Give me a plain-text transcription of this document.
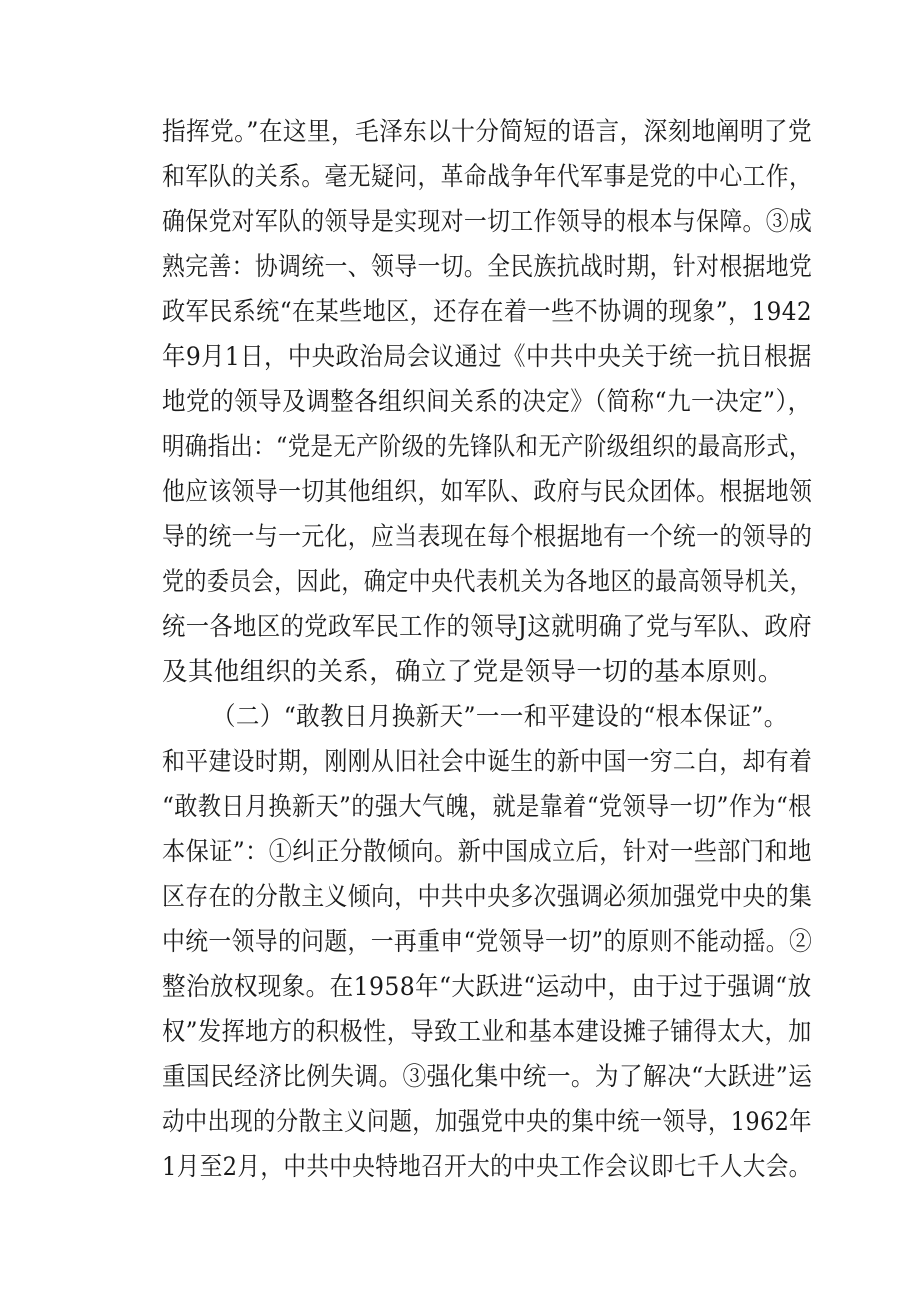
指挥党。”在这里，毛泽东以十分简短的语言，深刻地阐明了党
和军队的关系。毫无疑问，革命战争年代军事是党的中心工作，
确保党对军队的领导是实现对一切工作领导的根本与保障。③成
熟完善：协调统一、领导一切。全民族抗战时期，针对根据地党
政军民系统“在某些地区，还存在着一些不协调的现象”，1942
年9月1日，中央政治局会议通过《中共中央关于统一抗日根据
地党的领导及调整各组织间关系的决定》（简称“九一决定”），
明确指出：“党是无产阶级的先锋队和无产阶级组织的最高形式，
他应该领导一切其他组织，如军队、政府与民众团体。根据地领
导的统一与一元化，应当表现在每个根据地有一个统一的领导的
党的委员会，因此，确定中央代表机关为各地区的最高领导机关，
统一各地区的党政军民工作的领导J这就明确了党与军队、政府
及其他组织的关系，确立了党是领导一切的基本原则。
（二）“敢教日月换新天”一一和平建设的“根本保证”。
和平建设时期，刚刚从旧社会中诞生的新中国一穷二白，却有着
“敢教日月换新天”的强大气魄，就是靠着“党领导一切”作为“根
本保证”：①纠正分散倾向。新中国成立后，针对一些部门和地
区存在的分散主义倾向，中共中央多次强调必须加强党中央的集
中统一领导的问题，一再重申“党领导一切”的原则不能动摇。②
整治放权现象。在1958年“大跃进“运动中，由于过于强调“放
权”发挥地方的积极性，导致工业和基本建设摊子铺得太大，加
重国民经济比例失调。③强化集中统一。为了解决“大跃进”运
动中出现的分散主义问题，加强党中央的集中统一领导，1962年
1月至2月，中共中央特地召开大的中央工作会议即七千人大会。
